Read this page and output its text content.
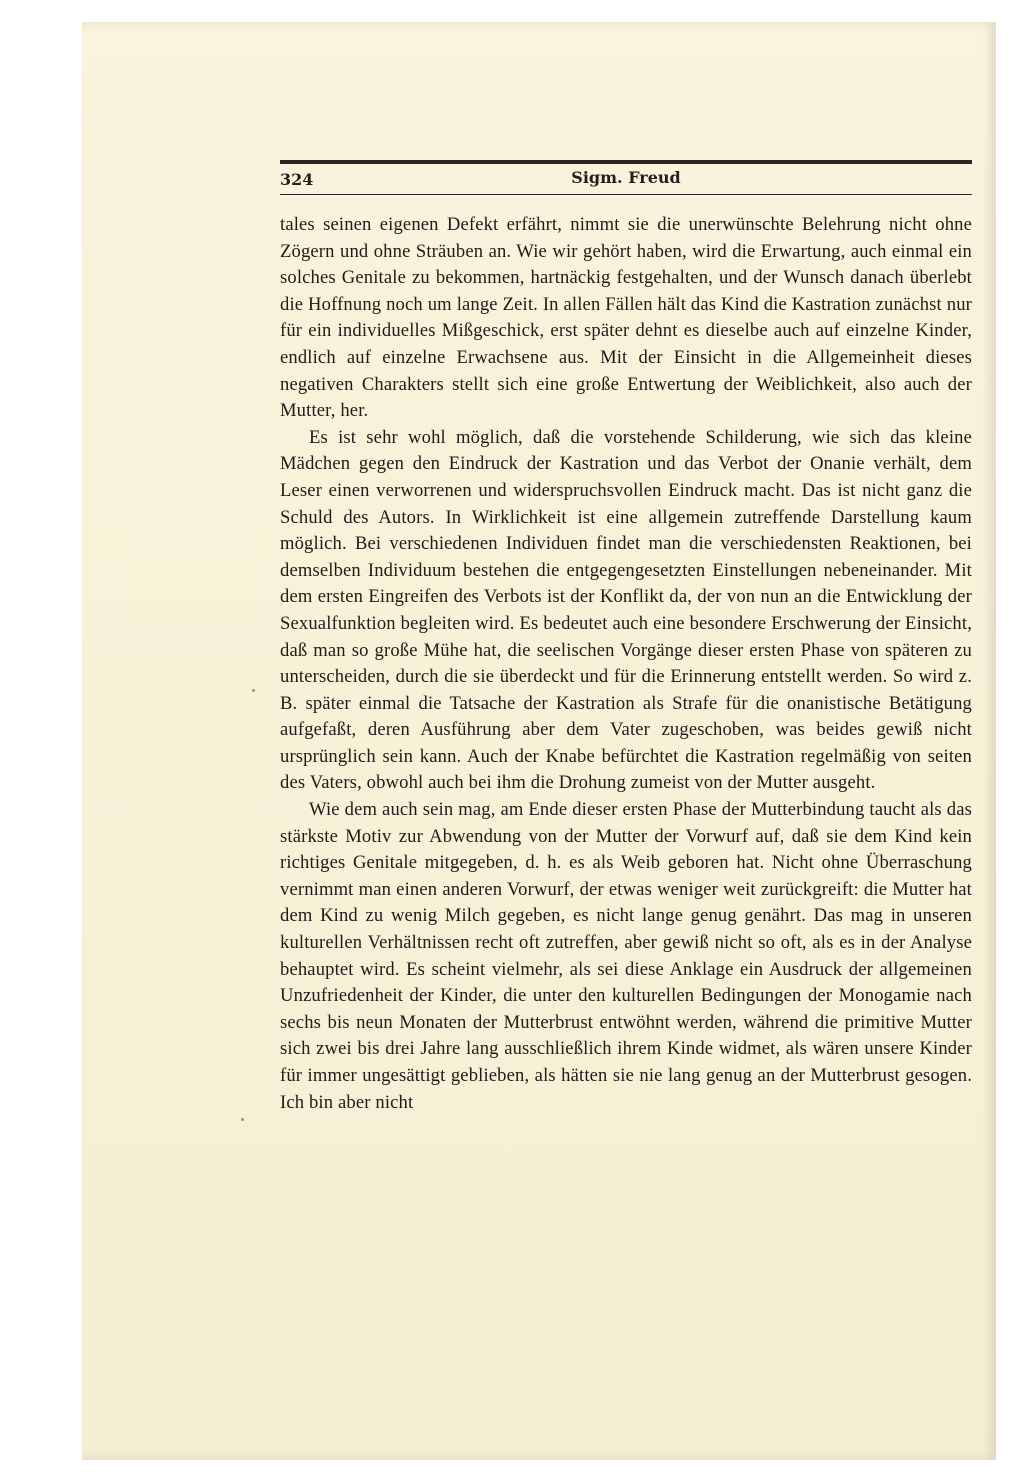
324	Sigm. Freud

tales seinen eigenen Defekt erfährt, nimmt sie die unerwünschte Belehrung nicht ohne Zögern und ohne Sträuben an. Wie wir gehört haben, wird die Erwartung, auch einmal ein solches Genitale zu bekommen, hartnäckig festgehalten, und der Wunsch danach überlebt die Hoffnung noch um lange Zeit. In allen Fällen hält das Kind die Kastration zunächst nur für ein individuelles Mißgeschick, erst später dehnt es dieselbe auch auf einzelne Kinder, endlich auf einzelne Erwachsene aus. Mit der Einsicht in die Allgemeinheit dieses negativen Charakters stellt sich eine große Entwertung der Weiblichkeit, also auch der Mutter, her.

Es ist sehr wohl möglich, daß die vorstehende Schilderung, wie sich das kleine Mädchen gegen den Eindruck der Kastration und das Verbot der Onanie verhält, dem Leser einen verworrenen und widerspruchsvollen Eindruck macht. Das ist nicht ganz die Schuld des Autors. In Wirklichkeit ist eine allgemein zutreffende Darstellung kaum möglich. Bei verschiedenen Individuen findet man die verschiedensten Reaktionen, bei demselben Individuum bestehen die entgegengesetzten Einstellungen nebeneinander. Mit dem ersten Eingreifen des Verbots ist der Konflikt da, der von nun an die Entwicklung der Sexualfunktion begleiten wird. Es bedeutet auch eine besondere Erschwerung der Einsicht, daß man so große Mühe hat, die seelischen Vorgänge dieser ersten Phase von späteren zu unterscheiden, durch die sie überdeckt und für die Erinnerung entstellt werden. So wird z. B. später einmal die Tatsache der Kastration als Strafe für die onanistische Betätigung aufgefaßt, deren Ausführung aber dem Vater zugeschoben, was beides gewiß nicht ursprünglich sein kann. Auch der Knabe befürchtet die Kastration regelmäßig von seiten des Vaters, obwohl auch bei ihm die Drohung zumeist von der Mutter ausgeht.

Wie dem auch sein mag, am Ende dieser ersten Phase der Mutterbindung taucht als das stärkste Motiv zur Abwendung von der Mutter der Vorwurf auf, daß sie dem Kind kein richtiges Genitale mitgegeben, d. h. es als Weib geboren hat. Nicht ohne Überraschung vernimmt man einen anderen Vorwurf, der etwas weniger weit zurückgreift: die Mutter hat dem Kind zu wenig Milch gegeben, es nicht lange genug genährt. Das mag in unseren kulturellen Verhältnissen recht oft zutreffen, aber gewiß nicht so oft, als es in der Analyse behauptet wird. Es scheint vielmehr, als sei diese Anklage ein Ausdruck der allgemeinen Unzufriedenheit der Kinder, die unter den kulturellen Bedingungen der Monogamie nach sechs bis neun Monaten der Mutterbrust entwöhnt werden, während die primitive Mutter sich zwei bis drei Jahre lang ausschließlich ihrem Kinde widmet, als wären unsere Kinder für immer ungesättigt geblieben, als hätten sie nie lang genug an der Mutterbrust gesogen. Ich bin aber nicht
